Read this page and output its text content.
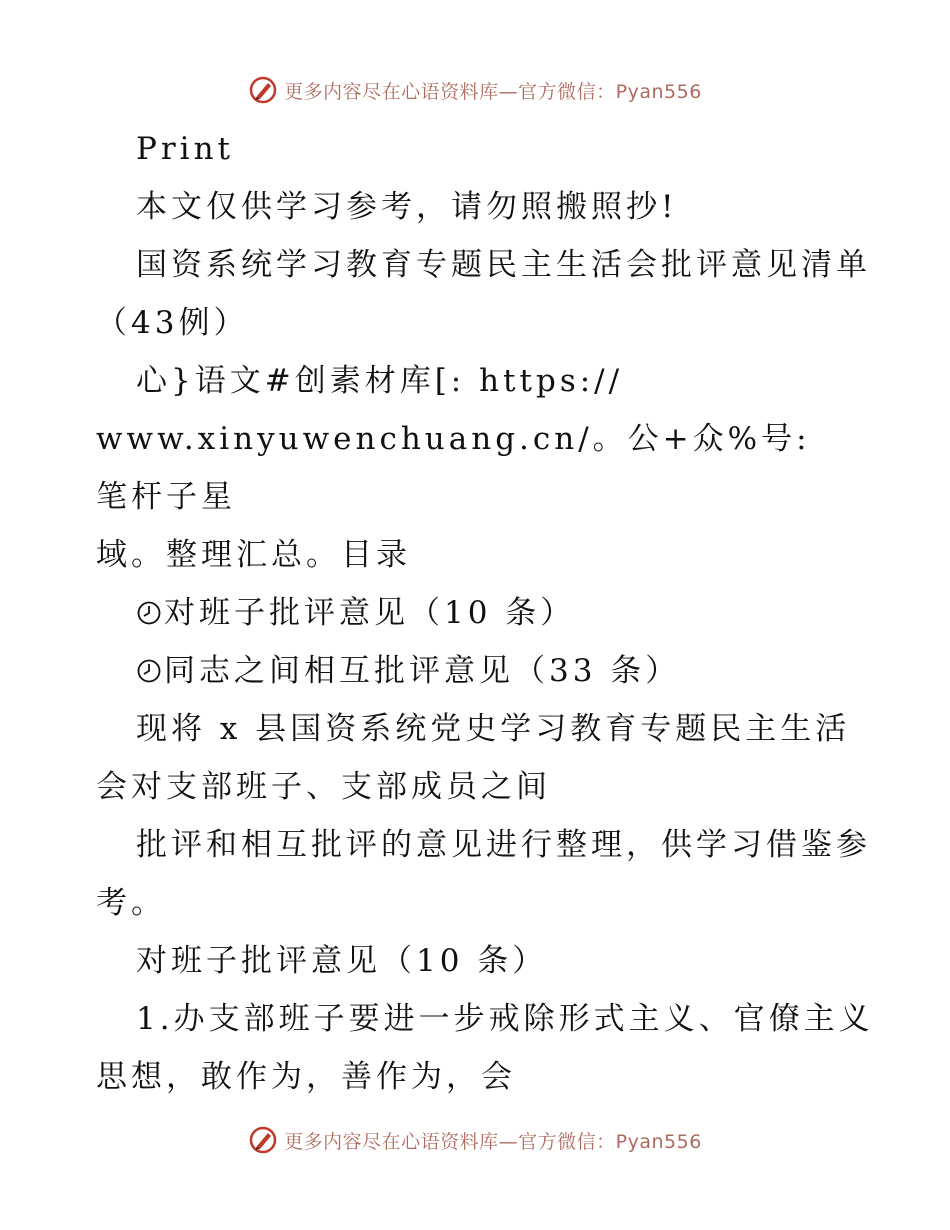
更多内容尽在心语资料库—官方微信：Pyan556

Print

本文仅供学习参考，请勿照搬照抄!

国资系统学习教育专题民主生活会批评意见清单

（43例）

心}语文#创素材库[: https://

www.xinyuwenchuang.cn/。公+众%号: 笔杆子星

域。整理汇总。目录

对班子批评意见（10 条）

同志之间相互批评意见（33 条）

现将 x 县国资系统党史学习教育专题民主生活

会对支部班子、支部成员之间

批评和相互批评的意见进行整理，供学习借鉴参

考。

对班子批评意见（10 条）

1.办支部班子要进一步戒除形式主义、官僚主义

思想，敢作为，善作为，会

更多内容尽在心语资料库—官方微信：Pyan556
